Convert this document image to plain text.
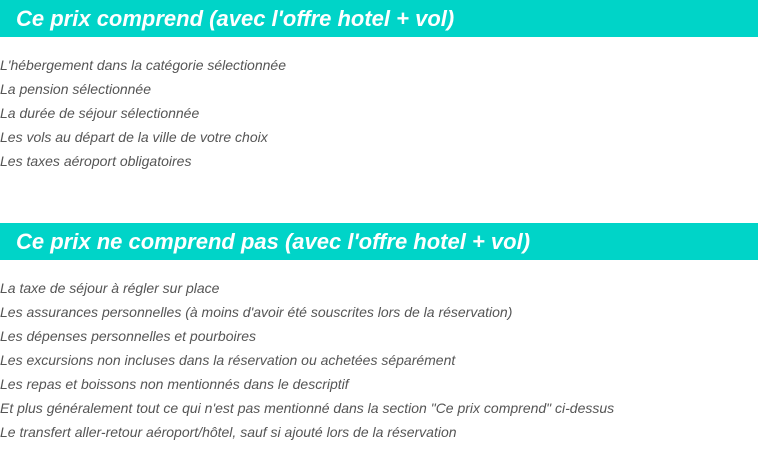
Ce prix comprend (avec l'offre hotel + vol)
L'hébergement dans la catégorie sélectionnée
La pension sélectionnée
La durée de séjour sélectionnée
Les vols au départ de la ville de votre choix
Les taxes aéroport obligatoires
Ce prix ne comprend pas (avec l'offre hotel + vol)
La taxe de séjour à régler sur place
Les assurances personnelles (à moins d'avoir été souscrites lors de la réservation)
Les dépenses personnelles et pourboires
Les excursions non incluses dans la réservation ou achetées séparément
Les repas et boissons non mentionnés dans le descriptif
Et plus généralement tout ce qui n'est pas mentionné dans la section "Ce prix comprend" ci-dessus
Le transfert aller-retour aéroport/hôtel, sauf si ajouté lors de la réservation
